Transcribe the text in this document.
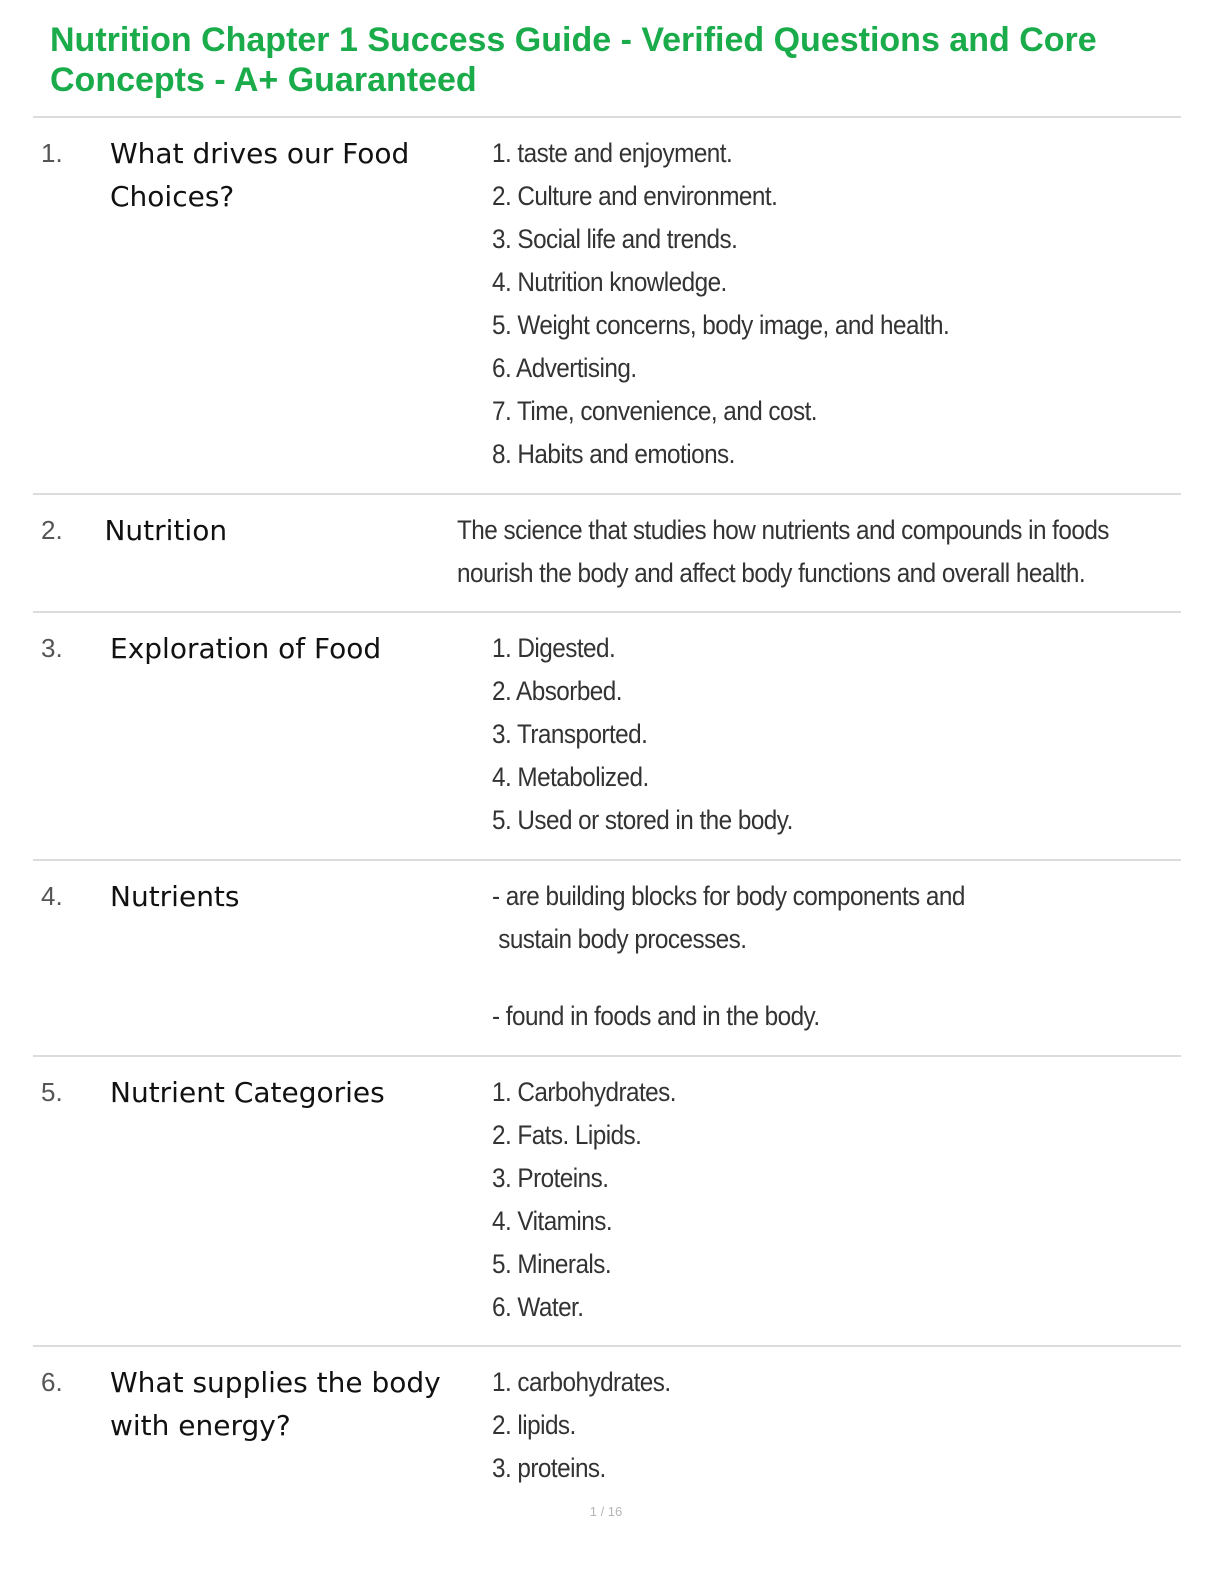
Nutrition Chapter 1 Success Guide - Verified Questions and Core Concepts - A+ Guaranteed
1.	What drives our Food Choices?
1. taste and enjoyment.
2. Culture and environment.
3. Social life and trends.
4. Nutrition knowledge.
5. Weight concerns, body image, and health.
6. Advertising.
7. Time, convenience, and cost.
8. Habits and emotions.
2.	Nutrition	The science that studies how nutrients and compounds in foods
nourish the body and affect body functions and overall health.
3.	Exploration of Food	1. Digested.
2. Absorbed.
3. Transported.
4. Metabolized.
5. Used or stored in the body.
4.	Nutrients	- are building blocks for body components and
sustain body processes.
- found in foods and in the body.
5.	Nutrient Categories	1. Carbohydrates.
2. Fats. Lipids.
3. Proteins.
4. Vitamins.
5. Minerals.
6. Water.
6.	What supplies the body with energy?
1. carbohydrates.
2. lipids.
3. proteins.
1 / 16
